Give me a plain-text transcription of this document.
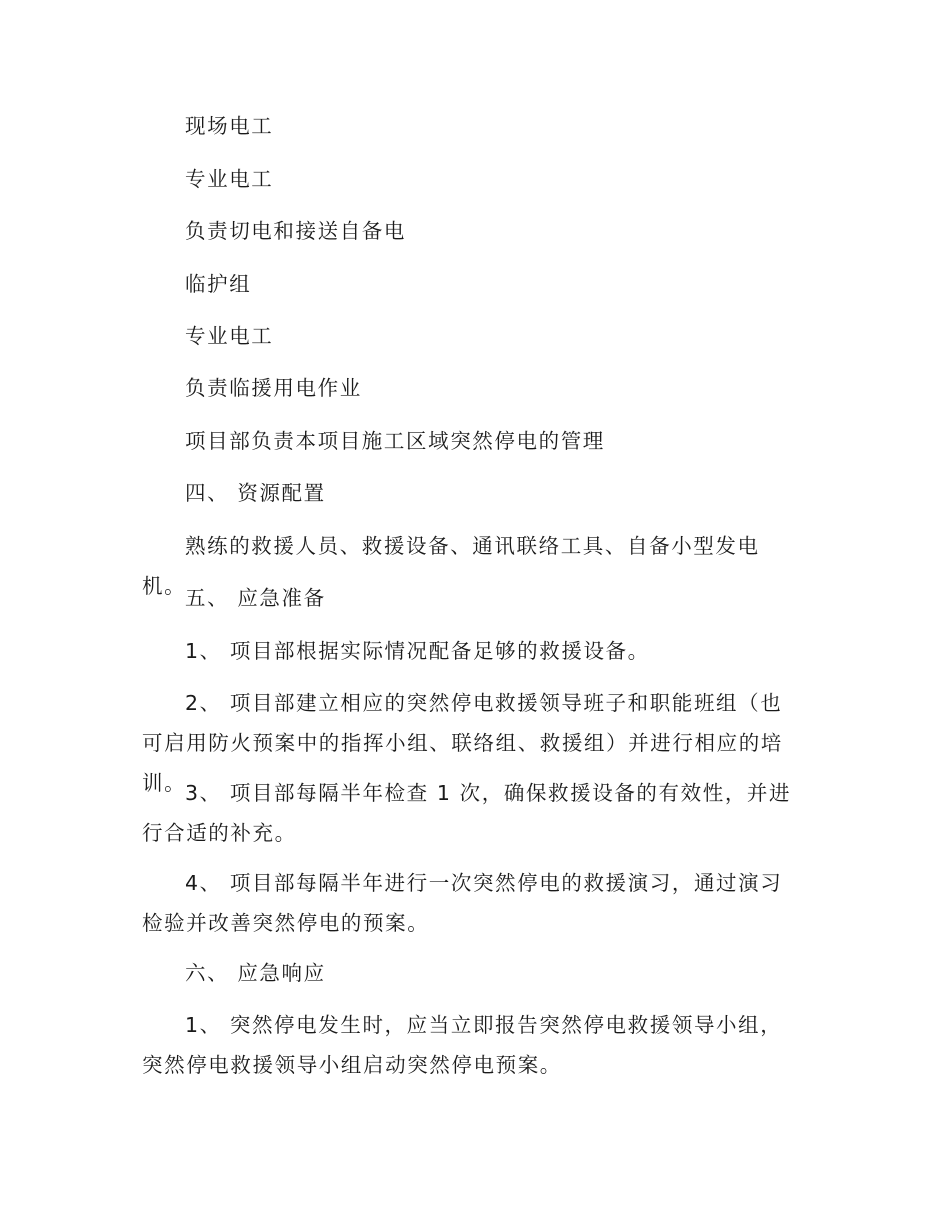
现场电工

专业电工

负责切电和接送自备电

临护组

专业电工

负责临援用电作业

项目部负责本项目施工区域突然停电的管理

四、 资源配置

熟练的救援人员、救援设备、通讯联络工具、自备小型发电机。

五、 应急准备

1、 项目部根据实际情况配备足够的救援设备。

2、 项目部建立相应的突然停电救援领导班子和职能班组（也可启用防火预案中的指挥小组、联络组、救援组）并进行相应的培训。

3、 项目部每隔半年检查 1 次，确保救援设备的有效性，并进行合适的补充。

4、 项目部每隔半年进行一次突然停电的救援演习，通过演习检验并改善突然停电的预案。

六、 应急响应

1、 突然停电发生时，应当立即报告突然停电救援领导小组，突然停电救援领导小组启动突然停电预案。
